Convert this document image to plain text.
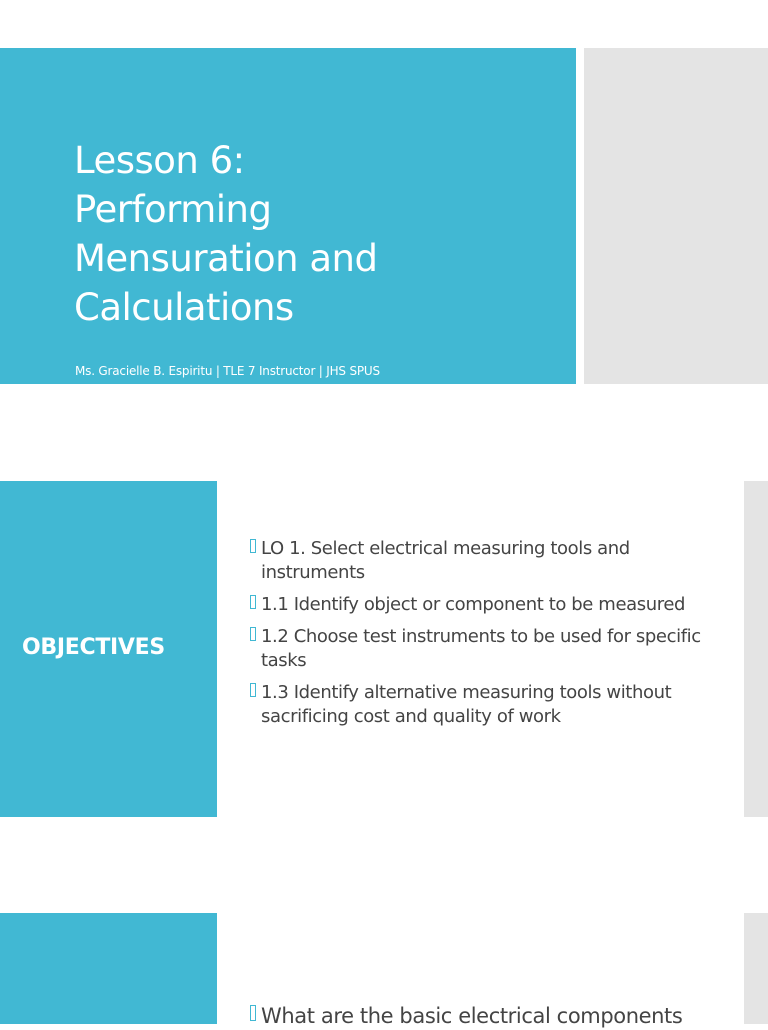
Lesson 6:
Performing
Mensuration and
Calculations
Ms. Gracielle B. Espiritu | TLE 7 Instructor | JHS SPUS
Note: Strictly no reproduction of any form must be done without the compiler’s permission
OBJECTIVES
LO 1. Select electrical measuring tools and instruments
1.1 Identify object or component to be measured
1.2 Choose test instruments to be used for specific tasks
1.3 Identify alternative measuring tools without sacrificing cost and quality of work
What are the basic electrical components
